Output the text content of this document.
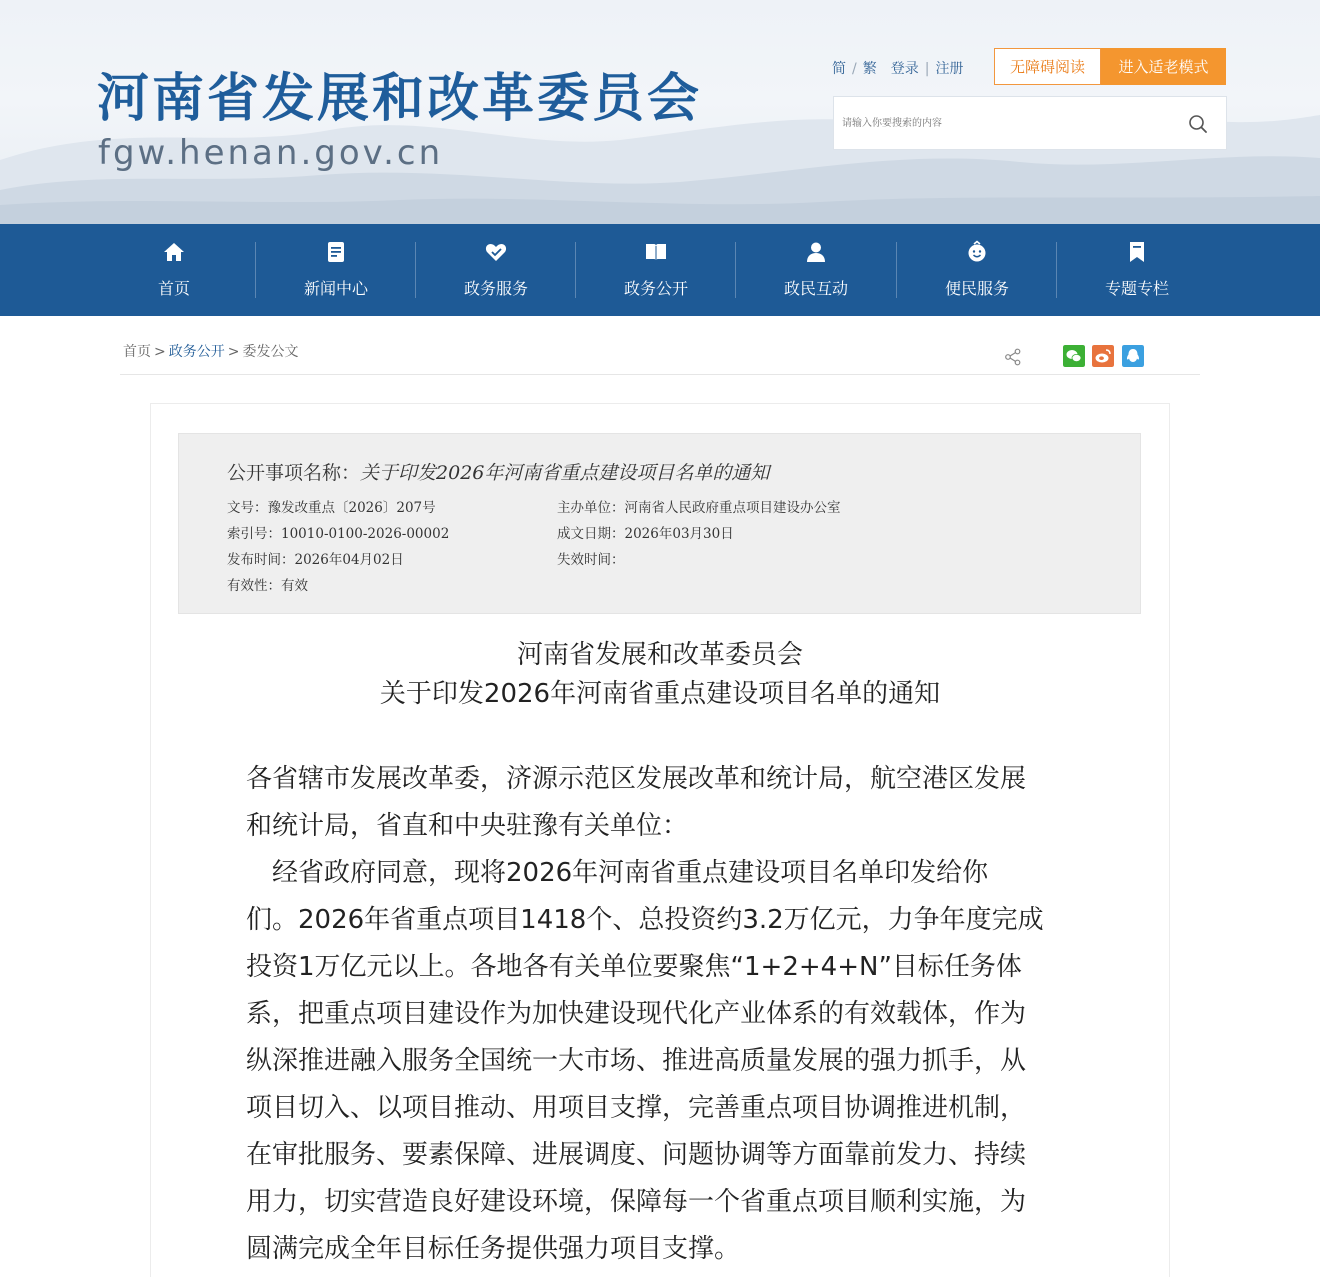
河南省发展和改革委员会
fgw.henan.gov.cn
简 / 繁 登录 | 注册	无障碍阅读	进入适老模式
请输入你要搜索的内容
首页	新闻中心	政务服务	政务公开	政民互动	便民服务	专题专栏
首页 > 政务公开 > 委发公文
公开事项名称：关于印发2026年河南省重点建设项目名单的通知
文号：豫发改重点〔2026〕207号	主办单位：河南省人民政府重点项目建设办公室
索引号：10010-0100-2026-00002	成文日期：2026年03月30日
发布时间：2026年04月02日	失效时间：
有效性：有效
河南省发展和改革委员会
关于印发2026年河南省重点建设项目名单的通知
各省辖市发展改革委，济源示范区发展改革和统计局，航空港区发展
和统计局，省直和中央驻豫有关单位：
　经省政府同意，现将2026年河南省重点建设项目名单印发给你
们。2026年省重点项目1418个、总投资约3.2万亿元，力争年度完成
投资1万亿元以上。各地各有关单位要聚焦“1+2+4+N”目标任务体
系，把重点项目建设作为加快建设现代化产业体系的有效载体，作为
纵深推进融入服务全国统一大市场、推进高质量发展的强力抓手，从
项目切入、以项目推动、用项目支撑，完善重点项目协调推进机制，
在审批服务、要素保障、进展调度、问题协调等方面靠前发力、持续
用力，切实营造良好建设环境，保障每一个省重点项目顺利实施，为
圆满完成全年目标任务提供强力项目支撑。
